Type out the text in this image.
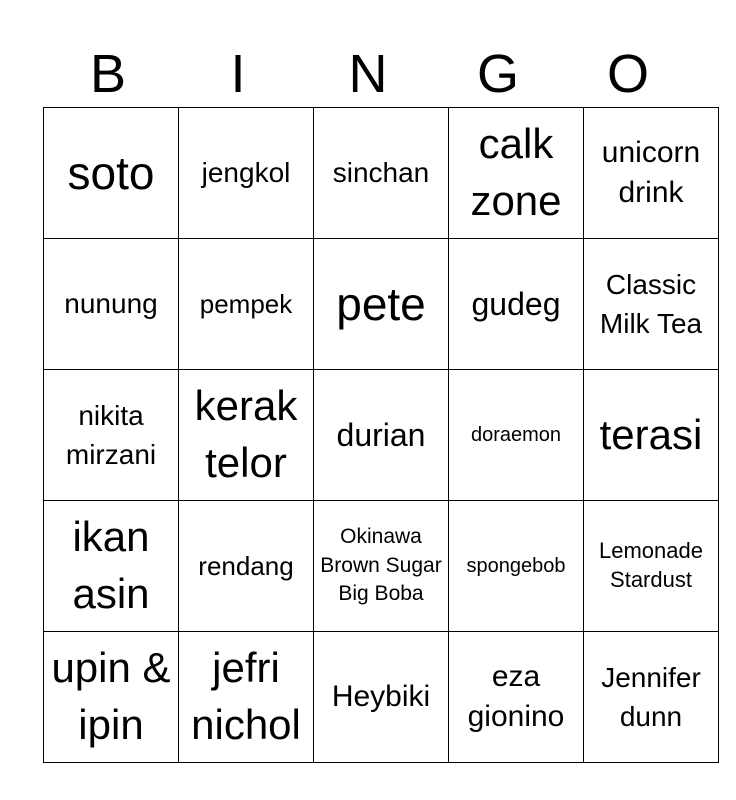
B	I	N	G	O
soto	jengkol	sinchan	calk zone	unicorn drink
nunung	pempek	pete	gudeg	Classic Milk Tea
nikita mirzani	kerak telor	durian	doraemon	terasi
ikan asin	rendang	Okinawa Brown Sugar Big Boba	spongebob	Lemonade Stardust
upin & ipin	jefri nichol	Heybiki	eza gionino	Jennifer dunn
